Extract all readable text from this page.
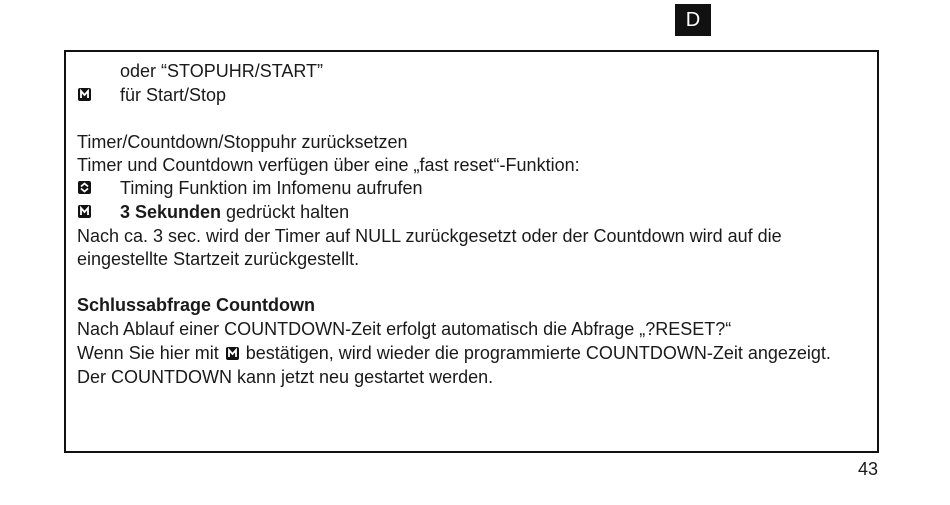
D
oder “STOPUHR/START”
für Start/Stop
Timer/Countdown/Stoppuhr zurücksetzen
Timer und Countdown verfügen über eine „fast reset“-Funktion:
Timing Funktion im Infomenu aufrufen
3 Sekunden gedrückt halten
Nach ca. 3 sec. wird der Timer auf NULL zurückgesetzt oder der Countdown wird auf die
eingestellte Startzeit zurückgestellt.
Schlussabfrage Countdown
Nach Ablauf einer COUNTDOWN-Zeit erfolgt automatisch die Abfrage „?RESET?“
Wenn Sie hier mit
bestätigen, wird wieder die programmierte COUNTDOWN-Zeit angezeigt.
Der COUNTDOWN kann jetzt neu gestartet werden.
43
